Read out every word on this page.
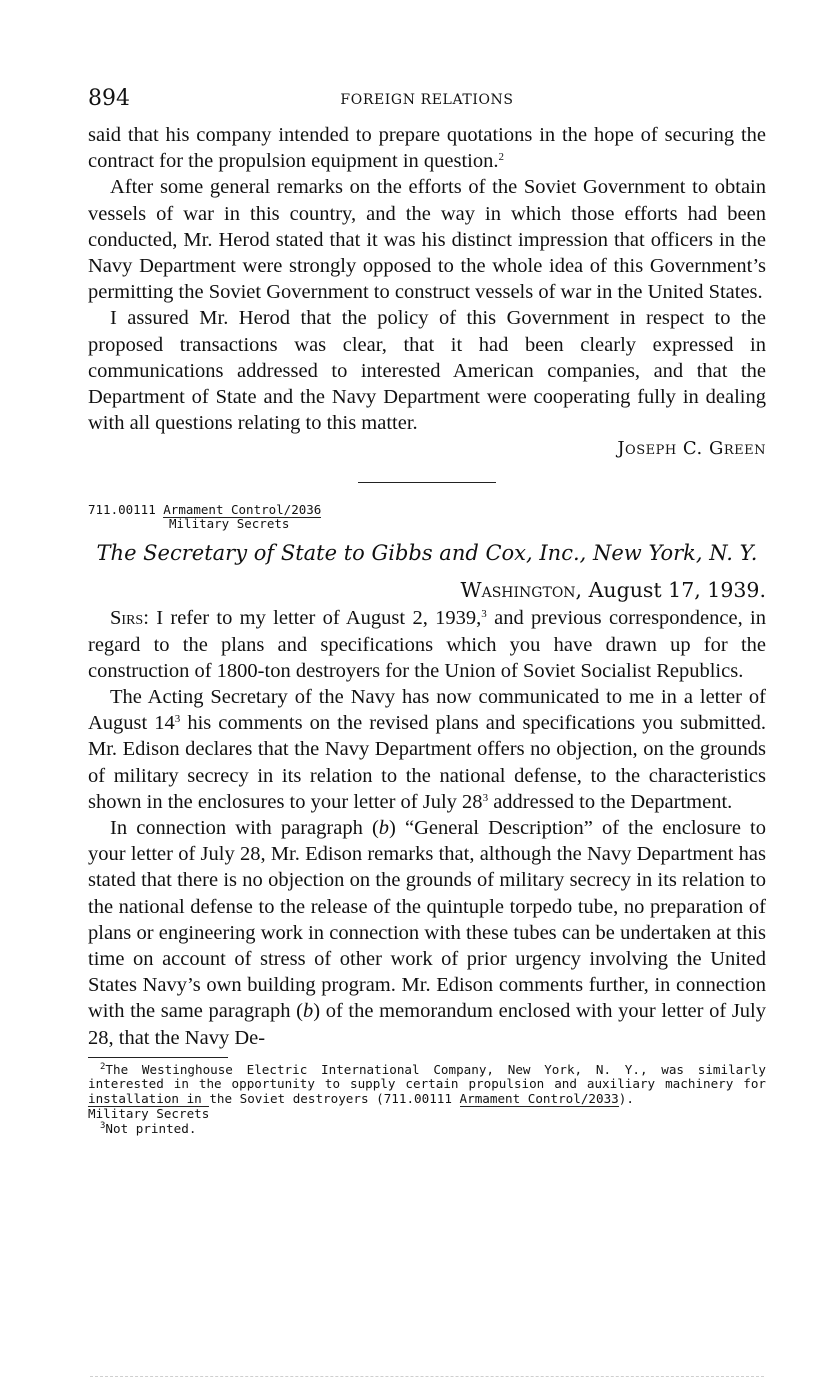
894	FOREIGN RELATIONS

said that his company intended to prepare quotations in the hope of securing the contract for the propulsion equipment in question.$^2$

After some general remarks on the efforts of the Soviet Government to obtain vessels of war in this country, and the way in which those efforts had been conducted, Mr. Herod stated that it was his distinct impression that officers in the Navy Department were strongly opposed to the whole idea of this Government’s permitting the Soviet Government to construct vessels of war in the United States.

I assured Mr. Herod that the policy of this Government in respect to the proposed transactions was clear, that it had been clearly expressed in communications addressed to interested American companies, and that the Department of State and the Navy Department were cooperating fully in dealing with all questions relating to this matter.

Joseph C. Green

711.00111 Armament Control/2036

Military Secrets

The Secretary of State to Gibbs and Cox, Inc., New York, N. Y.

Washington, August 17, 1939.

Sirs: I refer to my letter of August 2, 1939,$^3$ and previous correspondence, in regard to the plans and specifications which you have drawn up for the construction of 1800-ton destroyers for the Union of Soviet Socialist Republics.

The Acting Secretary of the Navy has now communicated to me in a letter of August $14^3$ his comments on the revised plans and specifications you submitted. Mr. Edison declares that the Navy Department offers no objection, on the grounds of military secrecy in its relation to the national defense, to the characteristics shown in the enclosures to your letter of July $28^3$ addressed to the Department.

In connection with paragraph (b) “General Description” of the enclosure to your letter of July 28, Mr. Edison remarks that, although the Navy Department has stated that there is no objection on the grounds of military secrecy in its relation to the national defense to the release of the quintuple torpedo tube, no preparation of plans or engineering work in connection with these tubes can be undertaken at this time on account of stress of other work of prior urgency involving the United States Navy’s own building program. Mr. Edison comments further, in connection with the same paragraph (b) of the memorandum enclosed with your letter of July 28, that the Navy De-

$^2$The Westinghouse Electric International Company, New York, N. Y., was similarly interested in the opportunity to supply certain propulsion and auxiliary machinery for installation in the Soviet destroyers (711.00111 Armament Control/2033).

Military Secrets

$^3$Not printed.
